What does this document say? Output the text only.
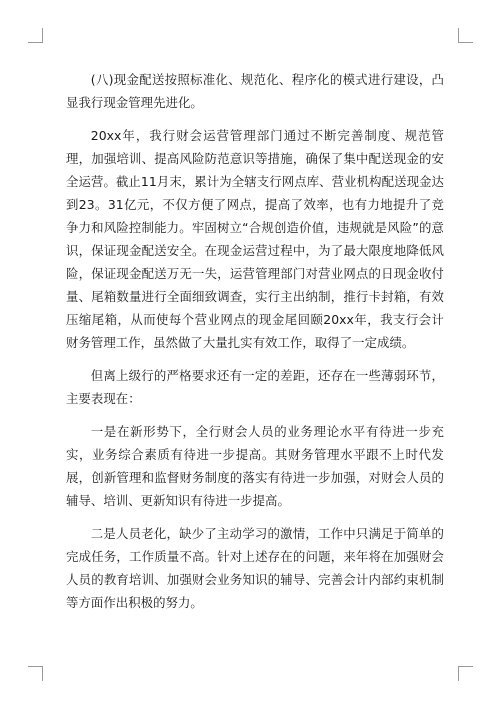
(八)现金配送按照标准化、规范化、程序化的模式进行建设，凸显我行现金管理先进化。

20xx年，我行财会运营管理部门通过不断完善制度、规范管理，加强培训、提高风险防范意识等措施，确保了集中配送现金的安全运营。截止11月末，累计为全辖支行网点库、营业机构配送现金达到23。31亿元，不仅方便了网点，提高了效率，也有力地提升了竞争力和风险控制能力。牢固树立“合规创造价值，违规就是风险”的意识，保证现金配送安全。在现金运营过程中，为了最大限度地降低风险，保证现金配送万无一失，运营管理部门对营业网点的日现金收付量、尾箱数量进行全面细致调查，实行主出纳制，推行卡封箱，有效压缩尾箱，从而使每个营业网点的现金尾回颐20xx年，我支行会计财务管理工作，虽然做了大量扎实有效工作，取得了一定成绩。

但离上级行的严格要求还有一定的差距，还存在一些薄弱环节，主要表现在：

一是在新形势下，全行财会人员的业务理论水平有待进一步充实，业务综合素质有待进一步提高。其财务管理水平跟不上时代发展，创新管理和监督财务制度的落实有待进一步加强，对财会人员的辅导、培训、更新知识有待进一步提高。

二是人员老化，缺少了主动学习的激情，工作中只满足于简单的完成任务，工作质量不高。针对上述存在的问题，来年将在加强财会人员的教育培训、加强财会业务知识的辅导、完善会计内部约束机制等方面作出积极的努力。
